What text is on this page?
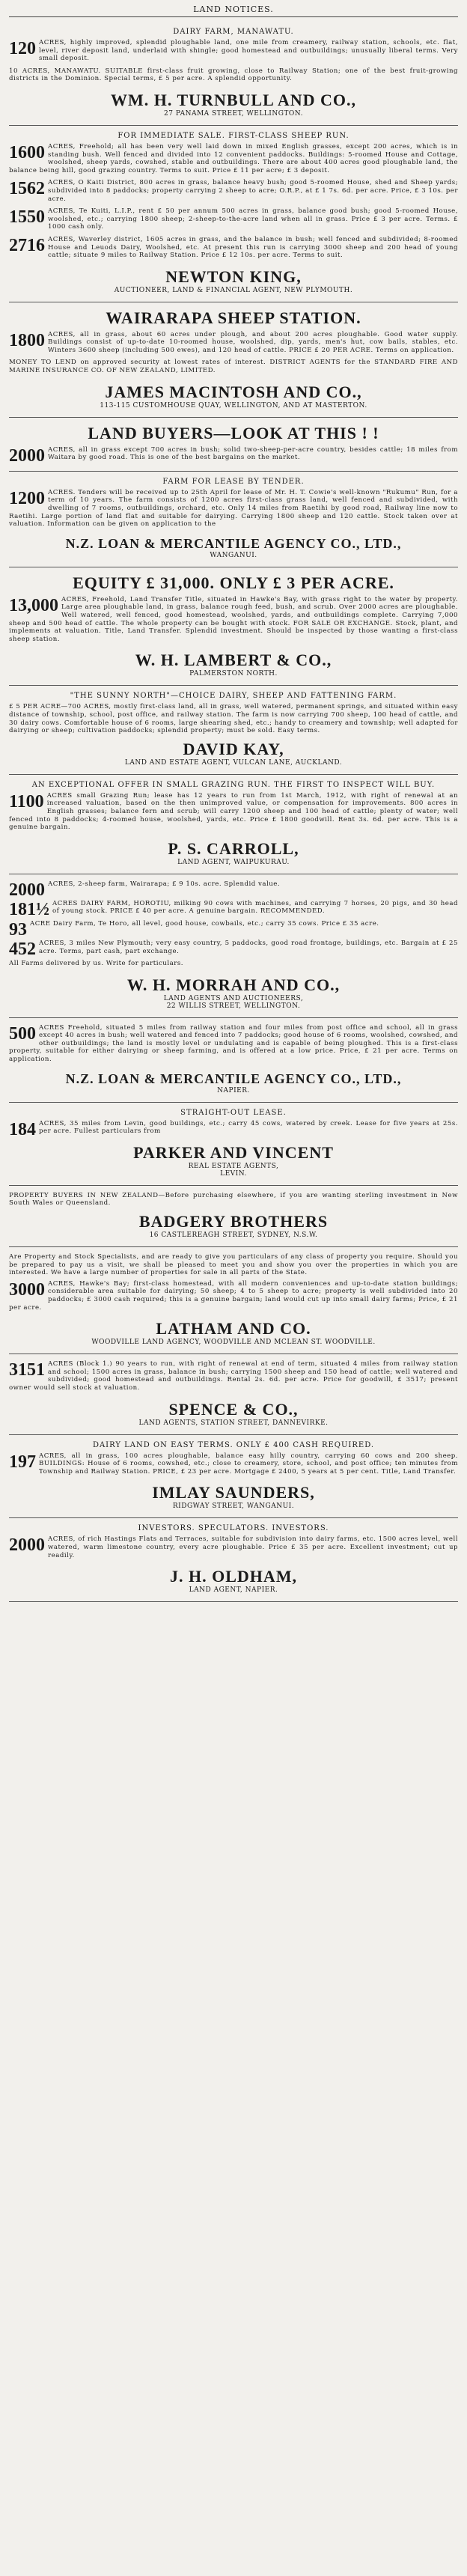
LAND NOTICES.
DAIRY FARM, MANAWATU.
120 ACRES, highly improved, splendid ploughable land, one mile from creamery, railway station, schools, etc. flat, level, river deposit land, underlaid with shingle; good homestead and outbuildings; unusually liberal terms. Very small deposit.
10 ACRES, MANAWATU. SUITABLE first-class fruit growing, close to Railway Station; one of the best fruit-growing districts in the Dominion. Special terms, £ 5 per acre. A splendid opportunity.
WM. H. TURNBULL AND CO.,
27 PANAMA STREET, WELLINGTON.
FOR IMMEDIATE SALE. FIRST-CLASS SHEEP RUN.
1600 ACRES, Freehold; all has been very well laid down in mixed English grasses, except 200 acres, which is in standing bush. Well fenced and divided into 12 convenient paddocks. Buildings: 5-roomed House and Cottage, woolshed, sheep yards, cowshed, stable and outbuildings. There are about 400 acres good ploughable land, the balance being hill, good grazing country. Terms to suit. Price £ 11 per acre; £ 3 deposit.
1562 ACRES, O Kaiti District, 800 acres in grass, balance heavy bush; good 5-roomed House, shed and Sheep yards; subdivided into 8 paddocks; property carrying 2 sheep to acre; O.R.P., at £ 1 7s. 6d. per acre. Price, £ 3 10s. per acre.
1550 ACRES, Te Kuiti, L.I.P., rent £ 50 per annum 500 acres in grass, balance good bush; good 5-roomed House, woolshed, etc.; carrying 1800 sheep; 2-sheep-to-the-acre land when all in grass. Price £ 3 per acre. Terms. £ 1000 cash only.
2716 ACRES, Waverley district, 1605 acres in grass, and the balance in bush; well fenced and subdivided; 8-roomed House and Leuods Dairy, Woolshed, etc. At present this run is carrying 3000 sheep and 200 head of young cattle; situate 9 miles to Railway Station. Price £ 12 10s. per acre. Terms to suit.
NEWTON KING,
AUCTIONEER, LAND & FINANCIAL AGENT, NEW PLYMOUTH.
WAIRARAPA SHEEP STATION.
1800 ACRES, all in grass, about 60 acres under plough, and about 200 acres ploughable. Good water supply. Buildings consist of up-to-date 10-roomed house, woolshed, dip, yards, men's hut, cow bails, stables, etc. Winters 3600 sheep (including 500 ewes), and 120 head of cattle. PRICE £ 20 PER ACRE. Terms on application.
MONEY TO LEND on approved security at lowest rates of interest. DISTRICT AGENTS for the STANDARD FIRE AND MARINE INSURANCE CO. OF NEW ZEALAND, LIMITED.
JAMES MACINTOSH AND CO.,
113-115 CUSTOMHOUSE QUAY, WELLINGTON, AND AT MASTERTON.
LAND BUYERS—LOOK AT THIS ! !
2000 ACRES, all in grass except 700 acres in bush; solid two-sheep-per-acre country, besides cattle; 18 miles from Waitara by good road. This is one of the best bargains on the market.
FARM FOR LEASE BY TENDER.
1200 ACRES. Tenders will be received up to 25th April for lease of Mr. H. T. Cowie's well-known "Rukumu" Run, for a term of 10 years. The farm consists of 1200 acres first-class grass land, well fenced and subdivided, with dwelling of 7 rooms, outbuildings, orchard, etc. Only 14 miles from Raetihi by good road, Railway line now to Raetihi. Large portion of land flat and suitable for dairying. Carrying 1800 sheep and 120 cattle. Stock taken over at valuation. Information can be given on application to the
N.Z. LOAN & MERCANTILE AGENCY CO., LTD.,
WANGANUI.
EQUITY £ 31,000. ONLY £ 3 PER ACRE.
13,000 ACRES, Freehold, Land Transfer Title, situated in Hawke's Bay, with grass right to the water by property. Large area ploughable land, in grass, balance rough feed, bush, and scrub. Over 2000 acres are ploughable. Well watered, well fenced, good homestead, woolshed, yards, and outbuildings complete. Carrying 7,000 sheep and 500 head of cattle. The whole property can be bought with stock. FOR SALE OR EXCHANGE. Stock, plant, and implements at valuation. Title, Land Transfer. Splendid investment. Should be inspected by those wanting a first-class sheep station.
W. H. LAMBERT & CO.,
PALMERSTON NORTH.
"THE SUNNY NORTH"—CHOICE DAIRY, SHEEP AND FATTENING FARM.
£ 5 PER ACRE—700 ACRES, mostly first-class land, all in grass, well watered, permanent springs, and situated within easy distance of township, school, post office, and railway station. The farm is now carrying 700 sheep, 100 head of cattle, and 30 dairy cows. Comfortable house of 6 rooms, large shearing shed, etc.; handy to creamery and township; well adapted for dairying or sheep; cultivation paddocks; splendid property; must be sold. Easy terms.
DAVID KAY,
LAND AND ESTATE AGENT, VULCAN LANE, AUCKLAND.
AN EXCEPTIONAL OFFER IN SMALL GRAZING RUN. THE FIRST TO INSPECT WILL BUY.
1100 ACRES small Grazing Run; lease has 12 years to run from 1st March, 1912, with right of renewal at an increased valuation, based on the then unimproved value, or compensation for improvements. 800 acres in English grasses; balance fern and scrub; will carry 1200 sheep and 100 head of cattle; plenty of water; well fenced into 8 paddocks; 4-roomed house, woolshed, yards, etc. Price £ 1800 goodwill. Rent 3s. 6d. per acre. This is a genuine bargain.
P. S. CARROLL,
LAND AGENT, WAIPUKURAU.
2000 ACRES, 2-sheep farm, Wairarapa; £ 9 10s. acre. Splendid value.
181½ ACRES DAIRY FARM, HOROTIU, milking 90 cows with machines, and carrying 7 horses, 20 pigs, and 30 head of young stock. PRICE £ 40 per acre. A genuine bargain. RECOMMENDED.
93 ACRE Dairy Farm, Te Horo, all level, good house, cowbails, etc.; carry 35 cows. Price £ 35 acre.
452 ACRES, 3 miles New Plymouth; very easy country, 5 paddocks, good road frontage, buildings, etc. Bargain at £ 25 acre. Terms, part cash, part exchange.
All Farms delivered by us. Write for particulars.
W. H. MORRAH AND CO.,
LAND AGENTS AND AUCTIONEERS,
22 WILLIS STREET, WELLINGTON.
500 ACRES Freehold, situated 5 miles from railway station and four miles from post office and school, all in grass except 40 acres in bush; well watered and fenced into 7 paddocks; good house of 6 rooms, woolshed, cowshed, and other outbuildings; the land is mostly level or undulating and is capable of being ploughed. This is a first-class property, suitable for either dairying or sheep farming, and is offered at a low price. Price, £ 21 per acre. Terms on application.
N.Z. LOAN & MERCANTILE AGENCY CO., LTD.,
NAPIER.
STRAIGHT-OUT LEASE.
184 ACRES, 35 miles from Levin, good buildings, etc.; carry 45 cows, watered by creek. Lease for five years at 25s. per acre. Fullest particulars from
PARKER AND VINCENT
REAL ESTATE AGENTS,
LEVIN.
PROPERTY BUYERS IN NEW ZEALAND—Before purchasing elsewhere, if you are wanting sterling investment in New South Wales or Queensland.
BADGERY BROTHERS
16 CASTLEREAGH STREET, SYDNEY, N.S.W.
Are Property and Stock Specialists, and are ready to give you particulars of any class of property you require. Should you be prepared to pay us a visit, we shall be pleased to meet you and show you over the properties in which you are interested. We have a large number of properties for sale in all parts of the State.
3000 ACRES, Hawke's Bay; first-class homestead, with all modern conveniences and up-to-date station buildings; considerable area suitable for dairying; 50 sheep; 4 to 5 sheep to acre; property is well subdivided into 20 paddocks; £ 3000 cash required; this is a genuine bargain; land would cut up into small dairy farms; Price, £ 21 per acre.
LATHAM AND CO.
WOODVILLE LAND AGENCY, WOODVILLE AND MCLEAN ST. WOODVILLE.
3151 ACRES (Block 1.) 90 years to run, with right of renewal at end of term, situated 4 miles from railway station and school; 1500 acres in grass, balance in bush; carrying 1500 sheep and 150 head of cattle; well watered and subdivided; good homestead and outbuildings. Rental 2s. 6d. per acre. Price for goodwill, £ 3517; present owner would sell stock at valuation.
SPENCE & CO.,
LAND AGENTS, STATION STREET, DANNEVIRKE.
DAIRY LAND ON EASY TERMS. ONLY £ 400 CASH REQUIRED.
197 ACRES, all in grass, 100 acres ploughable, balance easy hilly country, carrying 60 cows and 200 sheep. BUILDINGS: House of 6 rooms, cowshed, etc.; close to creamery, store, school, and post office; ten minutes from Township and Railway Station. PRICE, £ 23 per acre. Mortgage £ 2400, 5 years at 5 per cent. Title, Land Transfer.
IMLAY SAUNDERS,
RIDGWAY STREET, WANGANUI.
INVESTORS. SPECULATORS. INVESTORS.
2000 ACRES, of rich Hastings Flats and Terraces, suitable for subdivision into dairy farms, etc. 1500 acres level, well watered, warm limestone country, every acre ploughable. Price £ 35 per acre. Excellent investment; cut up readily.
J. H. OLDHAM,
LAND AGENT, NAPIER.
